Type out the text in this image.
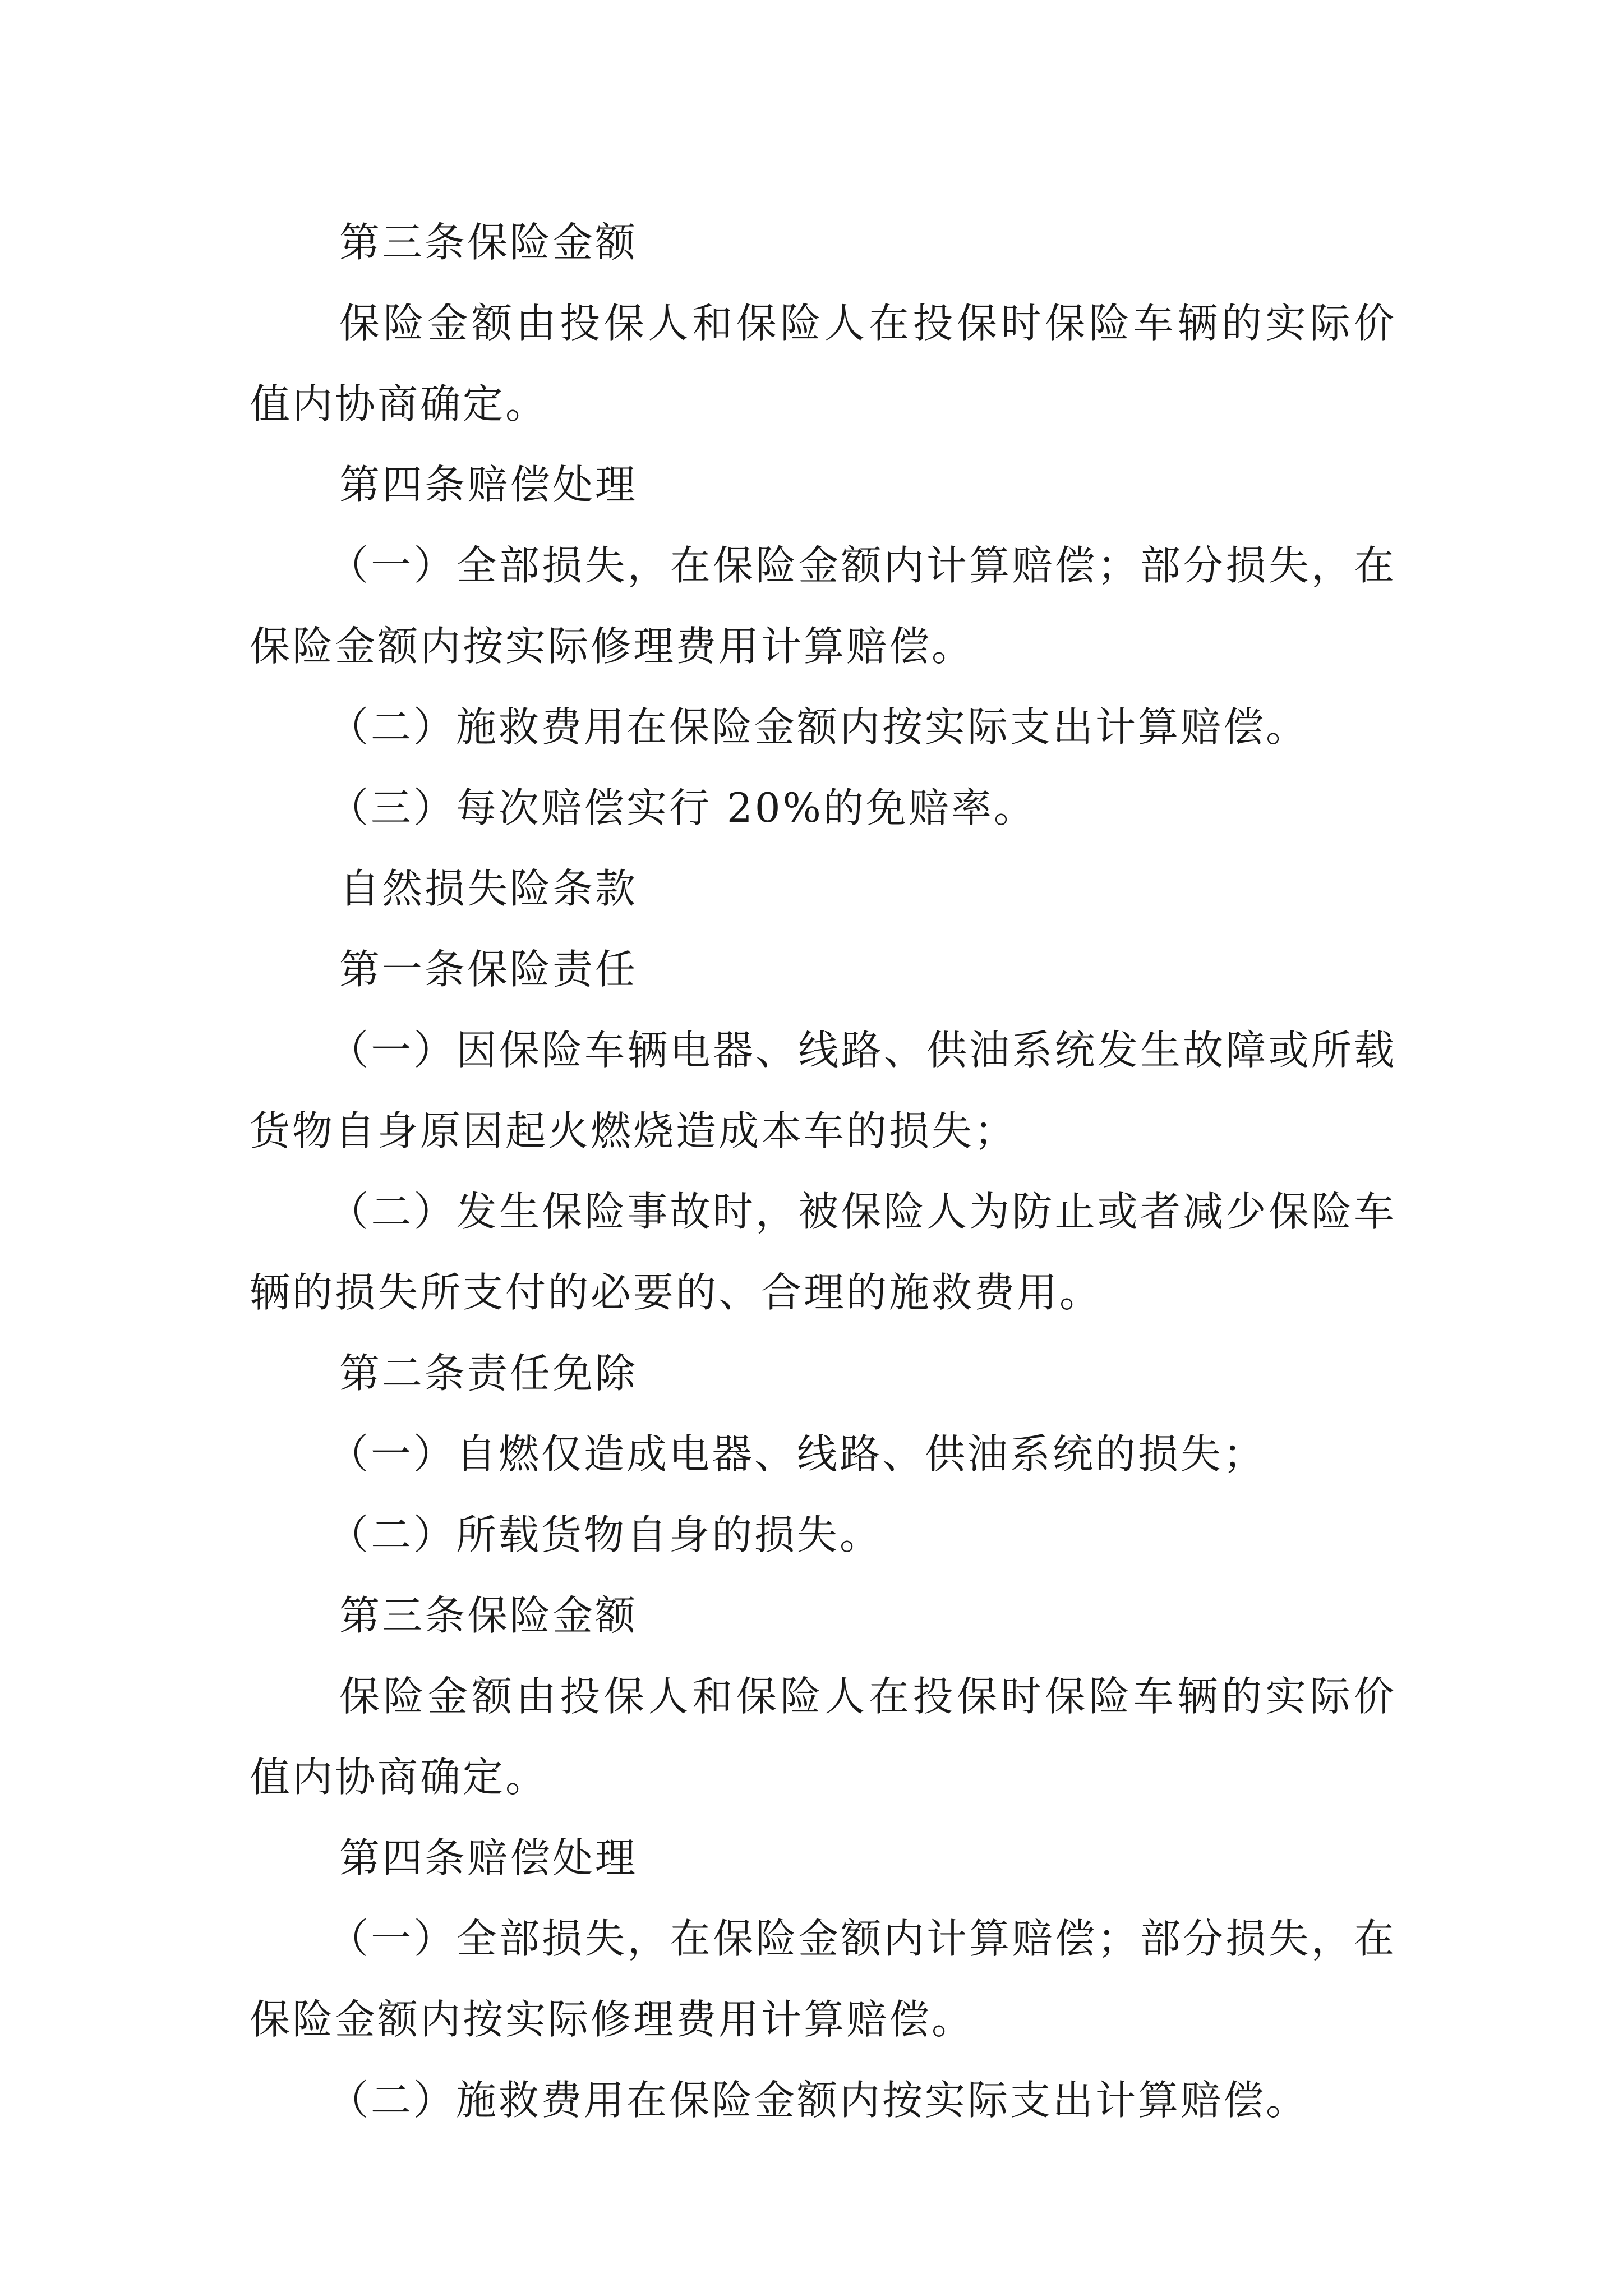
第三条保险金额

保险金额由投保人和保险人在投保时保险车辆的实际价值内协商确定。

第四条赔偿处理

（一）全部损失，在保险金额内计算赔偿；部分损失，在保险金额内按实际修理费用计算赔偿。

（二）施救费用在保险金额内按实际支出计算赔偿。

（三）每次赔偿实行 20%的免赔率。

自然损失险条款

第一条保险责任

（一）因保险车辆电器、线路、供油系统发生故障或所载货物自身原因起火燃烧造成本车的损失；

（二）发生保险事故时，被保险人为防止或者减少保险车辆的损失所支付的必要的、合理的施救费用。

第二条责任免除

（一）自燃仅造成电器、线路、供油系统的损失；

（二）所载货物自身的损失。

第三条保险金额

保险金额由投保人和保险人在投保时保险车辆的实际价值内协商确定。

第四条赔偿处理

（一）全部损失，在保险金额内计算赔偿；部分损失，在保险金额内按实际修理费用计算赔偿。

（二）施救费用在保险金额内按实际支出计算赔偿。
